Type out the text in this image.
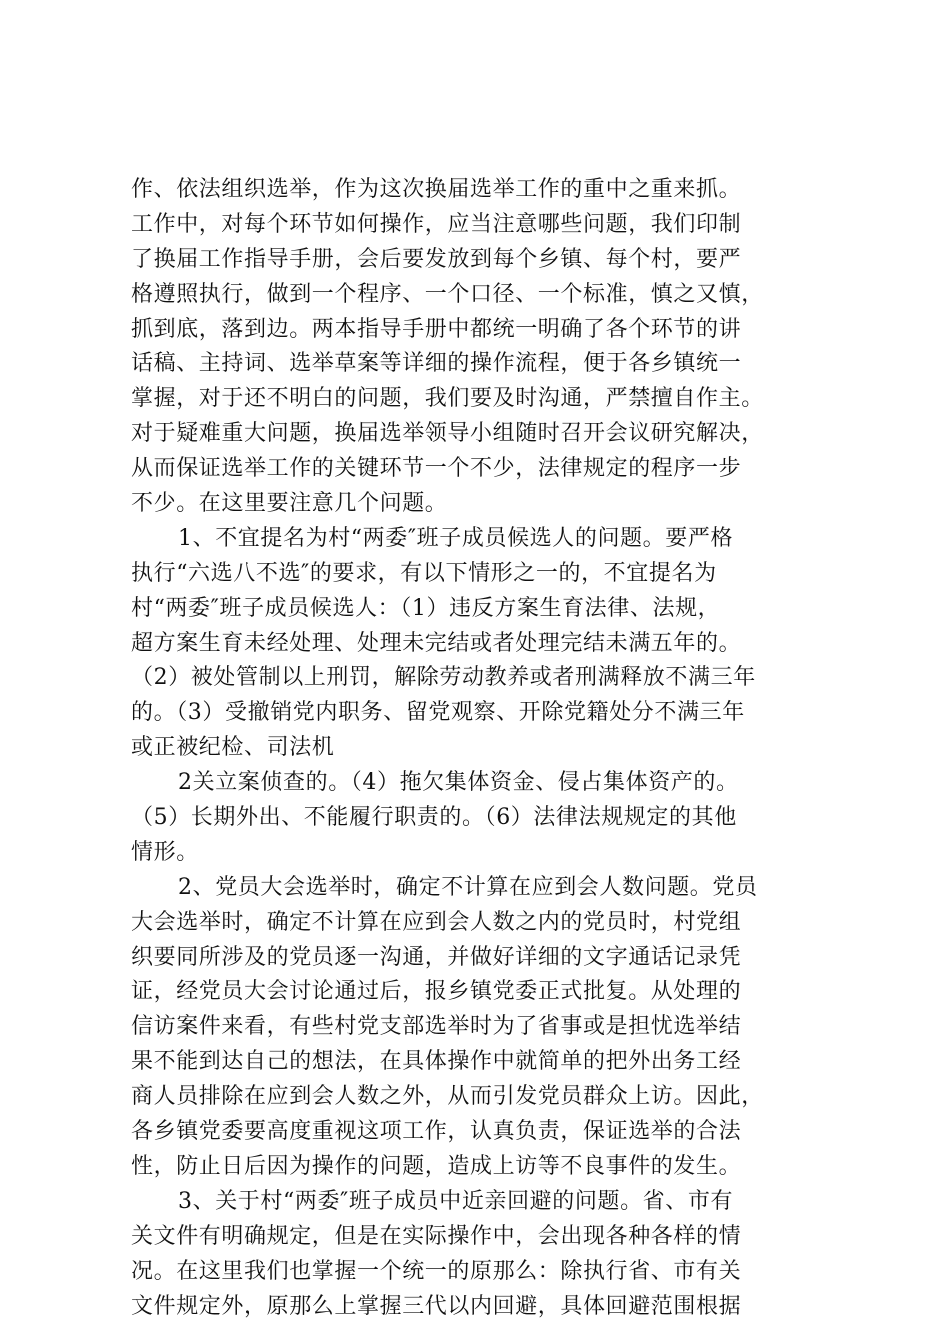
作、依法组织选举，作为这次换届选举工作的重中之重来抓。
工作中，对每个环节如何操作，应当注意哪些问题，我们印制
了换届工作指导手册，会后要发放到每个乡镇、每个村，要严
格遵照执行，做到一个程序、一个口径、一个标准，慎之又慎，
抓到底，落到边。两本指导手册中都统一明确了各个环节的讲
话稿、主持词、选举草案等详细的操作流程，便于各乡镇统一
掌握，对于还不明白的问题，我们要及时沟通，严禁擅自作主。
对于疑难重大问题，换届选举领导小组随时召开会议研究解决，
从而保证选举工作的关键环节一个不少，法律规定的程序一步
不少。在这里要注意几个问题。
1、不宜提名为村“两委″班子成员候选人的问题。要严格
执行“六选八不选″的要求，有以下情形之一的，不宜提名为
村“两委″班子成员候选人：（1）违反方案生育法律、法规，
超方案生育未经处理、处理未完结或者处理完结未满五年的。
（2）被处管制以上刑罚，解除劳动教养或者刑满释放不满三年
的。（3）受撤销党内职务、留党观察、开除党籍处分不满三年
或正被纪检、司法机
2关立案侦查的。（4）拖欠集体资金、侵占集体资产的。
（5）长期外出、不能履行职责的。（6）法律法规规定的其他
情形。
2、党员大会选举时，确定不计算在应到会人数问题。党员
大会选举时，确定不计算在应到会人数之内的党员时，村党组
织要同所涉及的党员逐一沟通，并做好详细的文字通话记录凭
证，经党员大会讨论通过后，报乡镇党委正式批复。从处理的
信访案件来看，有些村党支部选举时为了省事或是担忧选举结
果不能到达自己的想法，在具体操作中就简单的把外出务工经
商人员排除在应到会人数之外，从而引发党员群众上访。因此，
各乡镇党委要高度重视这项工作，认真负责，保证选举的合法
性，防止日后因为操作的问题，造成上访等不良事件的发生。
3、关于村“两委″班子成员中近亲回避的问题。省、市有
关文件有明确规定，但是在实际操作中，会出现各种各样的情
况。在这里我们也掌握一个统一的原那么：除执行省、市有关
文件规定外，原那么上掌握三代以内回避，具体回避范围根据
